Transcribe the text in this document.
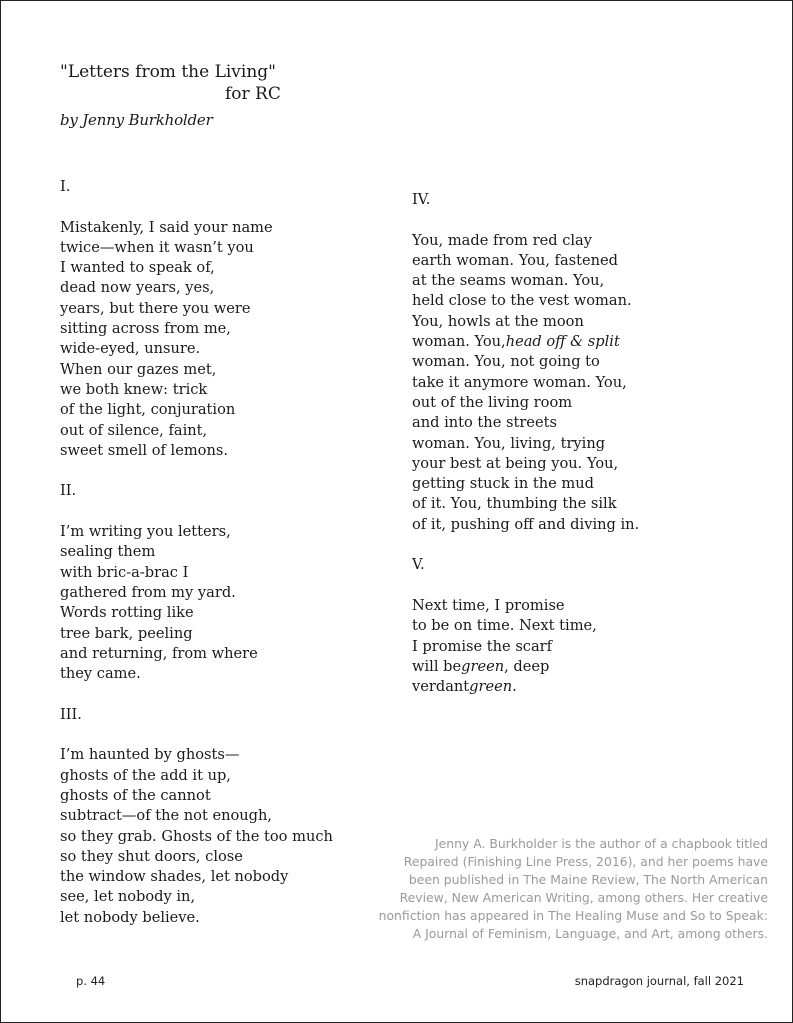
"Letters from the Living"
for RC
by Jenny Burkholder
I.
Mistakenly, I said your name
twice—when it wasn’t you
I wanted to speak of,
dead now years, yes,
years, but there you were
sitting across from me,
wide-eyed, unsure.
When our gazes met,
we both knew: trick
of the light, conjuration
out of silence, faint,
sweet smell of lemons.
II.
I’m writing you letters,
sealing them
with bric-a-brac I
gathered from my yard.
Words rotting like
tree bark, peeling
and returning, from where
they came.
III.
I’m haunted by ghosts—
ghosts of the add it up,
ghosts of the cannot
subtract—of the not enough,
so they grab. Ghosts of the too much
so they shut doors, close
the window shades, let nobody
see, let nobody in,
let nobody believe.
IV.
You, made from red clay
earth woman. You, fastened
at the seams woman. You,
held close to the vest woman.
You, howls at the moon
woman. You,head off & split
woman. You, not going to
take it anymore woman. You,
out of the living room
and into the streets
woman. You, living, trying
your best at being you. You,
getting stuck in the mud
of it. You, thumbing the silk
of it, pushing off and diving in.
V.
Next time, I promise
to be on time. Next time,
I promise the scarf
will begreen, deep
verdantgreen.
Jenny A. Burkholder is the author of a chapbook titled
Repaired (Finishing Line Press, 2016), and her poems have
been published in The Maine Review, The North American
Review, New American Writing, among others. Her creative
nonfiction has appeared in The Healing Muse and So to Speak:
A Journal of Feminism, Language, and Art, among others.
p. 44	snapdragon journal, fall 2021
